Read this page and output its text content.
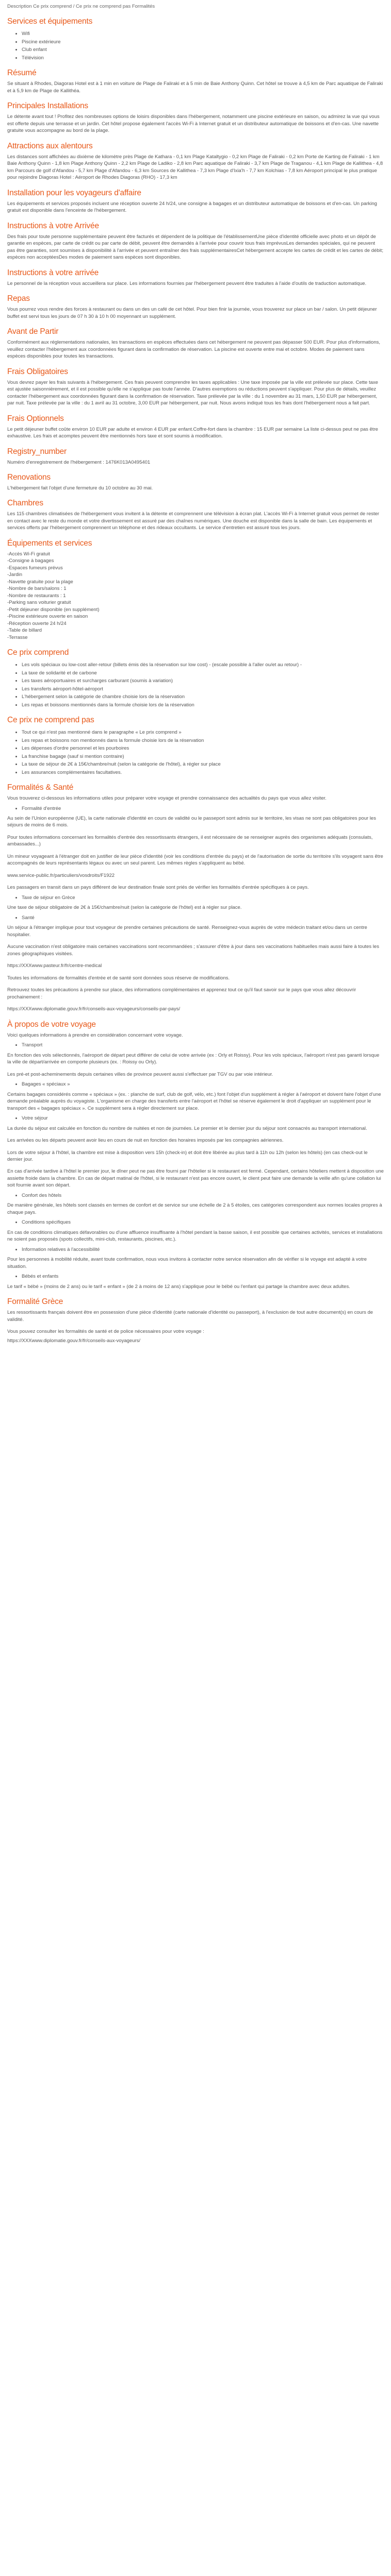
Description Ce prix comprend / Ce prix ne comprend pas Formalités

Services et équipements
• Wifi
• Piscine extérieure
• Club enfant
• Télévision
Résumé

Se situant à Rhodes, Diagoras Hotel est à 1 min en voiture de Plage de Faliraki et à 5 min de Baie Anthony Quinn. Cet hôtel se trouve à 4,5 km de Parc aquatique de Faliraki et à 5,9 km de Plage de Kallithéa.

Principales Installations

Le détente avant tout ! Profitez des nombreuses options de loisirs disponibles dans l'hébergement, notamment une piscine extérieure en saison, ou admirez la vue qui vous est offerte depuis une terrasse et un jardin. Cet hôtel propose également l'accès Wi-Fi à Internet gratuit et un distributeur automatique de boissons et d'en-cas. Une navette gratuite vous accompagne au bord de la plage.

Attractions aux alentours

Les distances sont affichées au dixième de kilomètre près Plage de Kathara - 0,1 km Plage Kataltygio - 0,2 km Plage de Faliraki - 0,2 km Porte de Karting de Faliraki - 1 km Baie Anthony Quinn - 1,8 km Plage Anthony Quinn - 2,2 km Plage de Ladiko - 2,8 km Parc aquatique de Faliraki - 3,7 km Plage de Traganou - 4,1 km Plage de Kallithea - 4,8 km Parcours de golf d'Afandou - 5,7 km Plage d'Afandou - 6,3 km Sources de Kallithea - 7,3 km Plage d'Ixia'h - 7,7 km Kolchias - 7,8 km Aéroport principal le plus pratique pour rejoindre Diagoras Hotel : Aéroport de Rhodes Diagoras (RHO) - 17,3 km

Installation pour les voyageurs d'affaire

Les équipements et services proposés incluent une réception ouverte 24 h/24, une consigne à bagages et un distributeur automatique de boissons et d'en-cas. Un parking gratuit est disponible dans l'enceinte de l'hébergement.

Instructions à votre Arrivée

Des frais pour toute personne supplémentaire peuvent être facturés et dépendent de la politique de l'établissementUne pièce d'identité officielle avec photo et un dépôt de garantie en espèces, par carte de crédit ou par carte de débit, peuvent être demandés à l'arrivée pour couvrir tous frais imprévusLes demandes spéciales, qui ne peuvent pas être garanties, sont soumises à disponibilité à l'arrivée et peuvent entraîner des frais supplémentairesCet hébergement accepte les cartes de crédit et les cartes de débit; espèces non acceptéesDes modes de paiement sans espèces sont disponibles.

Instructions à votre arrivée

Le personnel de la réception vous accueillera sur place. Les informations fournies par l'hébergement peuvent être traduites à l'aide d'outils de traduction automatique.

Repas

Vous pourrez vous rendre des forces à restaurant ou dans un des un café de cet hôtel. Pour bien finir la journée, vous trouverez sur place un bar / salon. Un petit déjeuner buffet est servi tous les jours de 07 h 30 à 10 h 00 moyennant un supplément.

Avant de Partir

Conformément aux réglementations nationales, les transactions en espèces effectuées dans cet hébergement ne peuvent pas dépasser 500 EUR. Pour plus d'informations, veuillez contacter l'hébergement aux coordonnées figurant dans la confirmation de réservation. La piscine est ouverte entre mai et octobre. Modes de paiement sans espèces disponibles pour toutes les transactions.

Frais Obligatoires

Vous devrez payer les frais suivants à l'hébergement. Ces frais peuvent comprendre les taxes applicables : Une taxe imposée par la ville est prélevée sur place. Cette taxe est ajustée saisonnièrement, et il est possible qu'elle ne s'applique pas toute l'année. D'autres exemptions ou réductions peuvent s'appliquer. Pour plus de détails, veuillez contacter l'hébergement aux coordonnées figurant dans la confirmation de réservation. Taxe prélevée par la ville : du 1 novembre au 31 mars, 1,50 EUR par hébergement, par nuit. Taxe prélevée par la ville : du 1 avril au 31 octobre, 3,00 EUR par hébergement, par nuit. Nous avons indiqué tous les frais dont l'hébergement nous a fait part.

Frais Optionnels

Le petit déjeuner buffet coûte environ 10 EUR par adulte et environ 4 EUR par enfant.Coffre-fort dans la chambre : 15 EUR par semaine La liste ci-dessus peut ne pas être exhaustive. Les frais et acomptes peuvent être mentionnés hors taxe et sont soumis à modification.

Registry_number

Numéro d'enregistrement de l'hébergement : 1476Κ013Α0495401

Renovations

L'hébergement fait l'objet d'une fermeture du 10 octobre au 30 mai.

Chambres

Les 115 chambres climatisées de l'hébergement vous invitent à la détente et comprennent une télévision à écran plat. L'accès Wi-Fi à Internet gratuit vous permet de rester en contact avec le reste du monde et votre divertissement est assuré par des chaînes numériques. Une douche est disponible dans la salle de bain. Les équipements et services offerts par l'hébergement comprennent un téléphone et des rideaux occultants. Le service d'entretien est assuré tous les jours.

Équipements et services
-Accès Wi-Fi gratuit
-Consigne à bagages
-Espaces fumeurs prévus
-Jardin
-Navette gratuite pour la plage
-Nombre de bars/salons : 1
-Nombre de restaurants : 1
-Parking sans voiturier gratuit
-Petit déjeuner disponible (en supplément)
-Piscine extérieure ouverte en saison
-Réception ouverte 24 h/24
-Table de billard
-Terrasse
Ce prix comprend
• Les vols spéciaux ou low-cost aller-retour (billets émis dès la réservation sur low cost) - (escale possible à l'aller ou/et au retour) -
• La taxe de solidarité et de carbone
• Les taxes aéroportuaires et surcharges carburant (soumis à variation)
• Les transferts aéroport-hôtel-aéroport
• L'hébergement selon la catégorie de chambre choisie lors de la réservation
• Les repas et boissons mentionnés dans la formule choisie lors de la réservation
Ce prix ne comprend pas
• Tout ce qui n'est pas mentionné dans le paragraphe « Le prix comprend »
• Les repas et boissons non mentionnés dans la formule choisie lors de la réservation
• Les dépenses d'ordre personnel et les pourboires
• La franchise bagage (sauf si mention contraire)
• La taxe de séjour de 2€ à 15€/chambre/nuit (selon la catégorie de l'hôtel), à régler sur place
• Les assurances complémentaires facultatives.
Formalités & Santé

Vous trouverez ci-dessous les informations utiles pour préparer votre voyage et prendre connaissance des actualités du pays que vous allez visiter.

• Formalité d'entrée

Au sein de l'Union européenne (UE), la carte nationale d'identité en cours de validité ou le passeport sont admis sur le territoire, les visas ne sont pas obligatoires pour les séjours de moins de 6 mois.

Pour toutes informations concernant les formalités d'entrée des ressortissants étrangers, il est nécessaire de se renseigner auprès des organismes adéquats (consulats, ambassades...)

Un mineur voyageant à l'étranger doit en justifier de leur pièce d'identité (voir les conditions d'entrée du pays) et de l'autorisation de sortie du territoire s'ils voyagent sans être accompagnés de leurs représentants légaux ou avec un seul parent. Les mêmes règles s'appliquent au bébé.

www.service-public.fr/particuliers/vosdroits/F1922

Les passagers en transit dans un pays différent de leur destination finale sont priés de vérifier les formalités d'entrée spécifiques à ce pays.

• Taxe de séjour en Grèce

Une taxe de séjour obligatoire de 2€ à 15€/chambre/nuit (selon la catégorie de l'hôtel) est à régler sur place.

• Santé

Un séjour à l'étranger implique pour tout voyageur de prendre certaines précautions de santé. Renseignez-vous auprès de votre médecin traitant et/ou dans un centre hospitalier.

Aucune vaccination n'est obligatoire mais certaines vaccinations sont recommandées ; s'assurer d'être à jour dans ses vaccinations habituelles mais aussi faire à toutes les zones géographiques visitées.

https://XXXwww.pasteur.fr/fr/centre-medical

Toutes les informations de formalités d'entrée et de santé sont données sous réserve de modifications.

Retrouvez toutes les précautions à prendre sur place, des informations complémentaires et apprenez tout ce qu'il faut savoir sur le pays que vous allez découvrir prochainement :

https://XXXwww.diplomatie.gouv.fr/fr/conseils-aux-voyageurs/conseils-par-pays/

À propos de votre voyage

Voici quelques informations à prendre en considération concernant votre voyage.

• Transport

En fonction des vols sélectionnés, l'aéroport de départ peut différer de celui de votre arrivée (ex : Orly et Roissy). Pour les vols spéciaux, l'aéroport n'est pas garanti lorsque la ville de départ/arrivée en comporte plusieurs (ex. : Roissy ou Orly).

Les pré-et post-acheminements depuis certaines villes de province peuvent aussi s'effectuer par TGV ou par voie intérieur.

• Bagages « spéciaux »

Certains bagages considérés comme « spéciaux » (ex. : planche de surf, club de golf, vélo, etc.) font l'objet d'un supplément à régler à l'aéroport et doivent faire l'objet d'une demande préalable auprès du voyagiste. L'organisme en charge des transferts entre l'aéroport et l'hôtel se réserve également le droit d'appliquer un supplément pour le transport des « bagages spéciaux ». Ce supplément sera à régler directement sur place.

• Votre séjour

La durée du séjour est calculée en fonction du nombre de nuitées et non de journées. Le premier et le dernier jour du séjour sont consacrés au transport international.

Les arrivées ou les départs peuvent avoir lieu en cours de nuit en fonction des horaires imposés par les compagnies aériennes.

Lors de votre séjour à l'hôtel, la chambre est mise à disposition vers 15h (check-in) et doit être libérée au plus tard à 11h ou 12h (selon les hôtels) (en cas check-out le dernier jour.

En cas d'arrivée tardive à l'hôtel le premier jour, le dîner peut ne pas être fourni par l'hôtelier si le restaurant est fermé. Cependant, certains hôteliers mettent à disposition une assiette froide dans la chambre. En cas de départ matinal de l'hôtel, si le restaurant n'est pas encore ouvert, le client peut faire une demande la veille afin qu'une collation lui soit fournie avant son départ.

• Confort des hôtels

De manière générale, les hôtels sont classés en termes de confort et de service sur une échelle de 2 à 5 étoiles, ces catégories correspondent aux normes locales propres à chaque pays.

• Conditions spécifiques

En cas de conditions climatiques défavorables ou d'une affluence insuffisante à l'hôtel pendant la basse saison, il est possible que certaines activités, services et installations ne soient pas proposés (spots collectifs, mini-club, restaurants, piscines, etc.).

• Information relatives à l'accessibilité

Pour les personnes à mobilité réduite, avant toute confirmation, nous vous invitons à contacter notre service réservation afin de vérifier si le voyage est adapté à votre situation.

• Bébés et enfants

Le tarif « bébé » (moins de 2 ans) ou le tarif « enfant » (de 2 à moins de 12 ans) s'applique pour le bébé ou l'enfant qui partage la chambre avec deux adultes.

Formalité Grèce

Les ressortissants français doivent être en possession d'une pièce d'identité (carte nationale d'identité ou passeport), à l'exclusion de tout autre document(s) en cours de validité.

Vous pouvez consulter les formalités de santé et de police nécessaires pour votre voyage :

https://XXXwww.diplomatie.gouv.fr/fr/conseils-aux-voyageurs/
